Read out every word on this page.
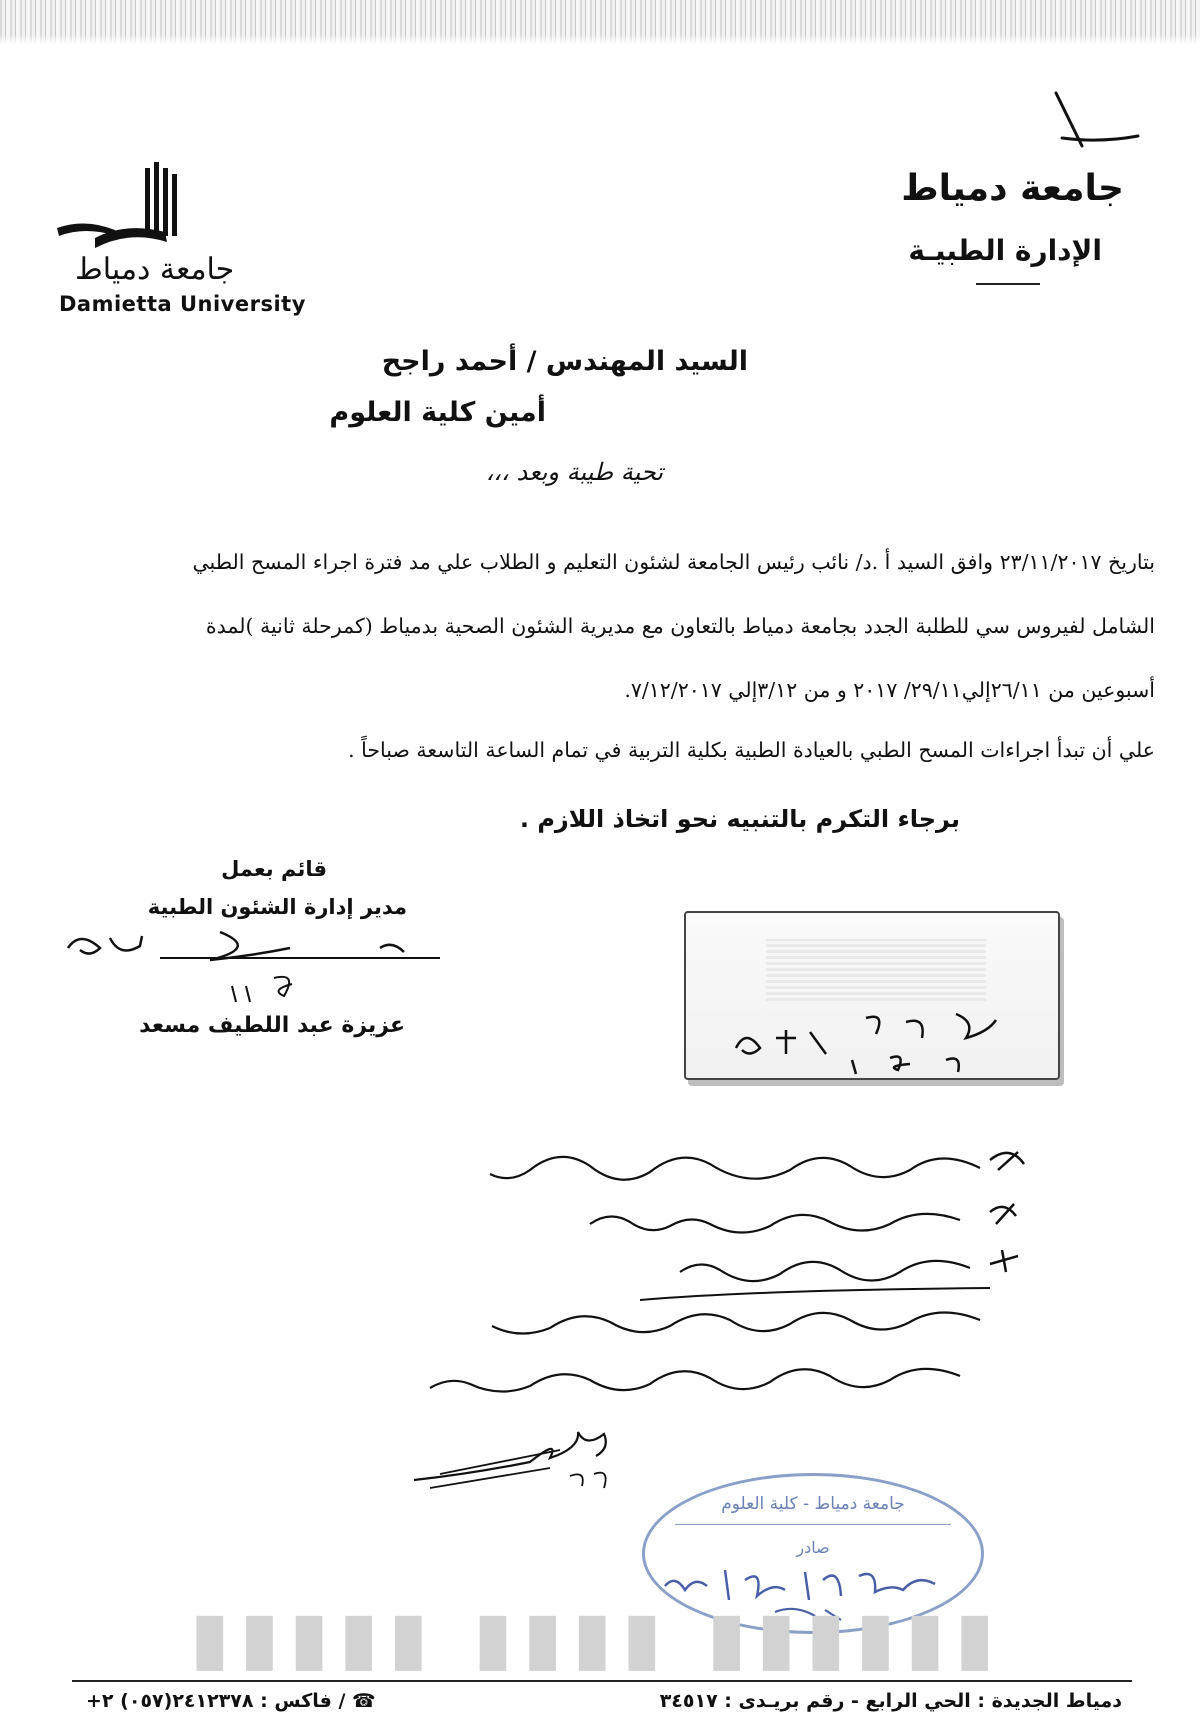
جامعة دمياط
Damietta University
جامعة دمياط
الإدارة الطبيـة
السيد المهندس / أحمد راجح
أمين كلية العلوم
تحية طيبة وبعد ،،،
بتاريخ ٢٣/١١/٢٠١٧ وافق السيد أ .د/ نائب رئيس الجامعة لشئون التعليم و الطلاب علي مد فترة اجراء المسح الطبي
الشامل لفيروس سي للطلبة الجدد بجامعة دمياط بالتعاون مع مديرية الشئون الصحية بدمياط (كمرحلة ثانية )لمدة
أسبوعين من ٢٦/١١إلي٢٩/١١/ ٢٠١٧ و من ٣/١٢إلي ٧/١٢/٢٠١٧.
علي أن تبدأ اجراءات المسح الطبي بالعيادة الطبية بكلية التربية في تمام الساعة التاسعة صباحاً .
برجاء التكرم بالتنبيه نحو اتخاذ اللازم .
قائم بعمل
مدير إدارة الشئون الطبية
عزيزة عبد اللطيف مسعد
جامعة دمياط - كلية العلوم
صادر
▮▮▮▮▮ ▮▮▮▮ ▮▮▮▮▮▮
☎ / فاكس : ٢٤١٢٣٧٨(٠٥٧) ٢+	دمياط الجديدة : الحي الرابع - رقم بريـدى : ٣٤٥١٧
